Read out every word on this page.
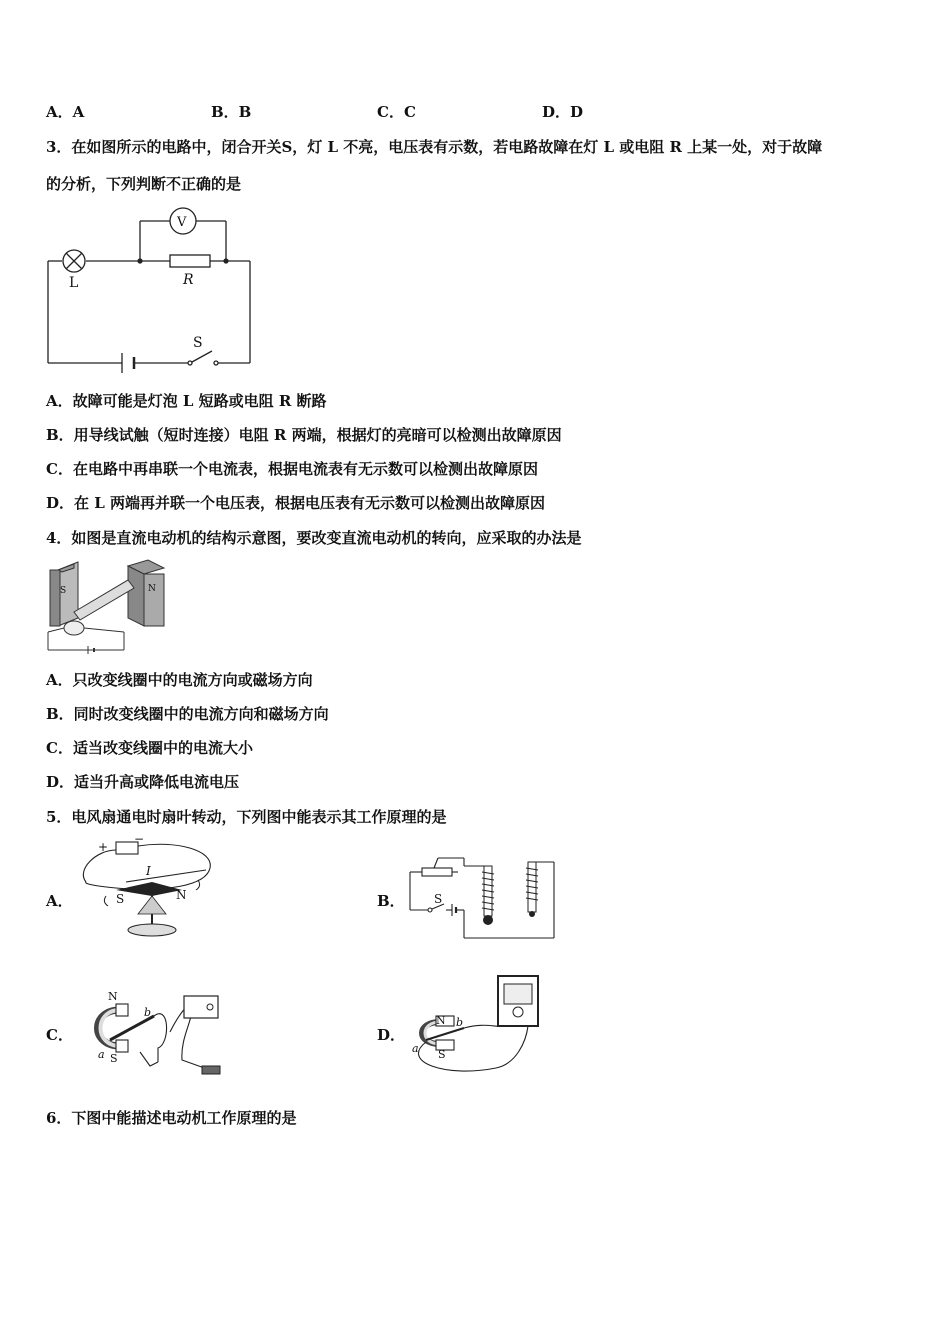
A．A	B．B	C．C	D．D
3．在如图所示的电路中，闭合开关S，灯 L 不亮，电压表有示数，若电路故障在灯 L 或电阻 R 上某一处，对于故障
的分析，下列判断不正确的是
V
L	R
S
A．故障可能是灯泡 L 短路或电阻 R 断路
B．用导线试触（短时连接）电阻 R 两端，根据灯的亮暗可以检测出故障原因
C．在电路中再串联一个电流表，根据电流表有无示数可以检测出故障原因
D．在 L 两端再并联一个电压表，根据电压表有无示数可以检测出故障原因
4．如图是直流电动机的结构示意图，要改变直流电动机的转向，应采取的办法是
S	N
A．只改变线圈中的电流方向或磁场方向
B．同时改变线圈中的电流方向和磁场方向
C．适当改变线圈中的电流大小
D．适当升高或降低电流电压
5．电风扇通电时扇叶转动，下列图中能表示其工作原理的是
A．
+
−
I
S	N	B． S
C．
N
S
a
b
D．
N
S
a
b
6．下图中能描述电动机工作原理的是
